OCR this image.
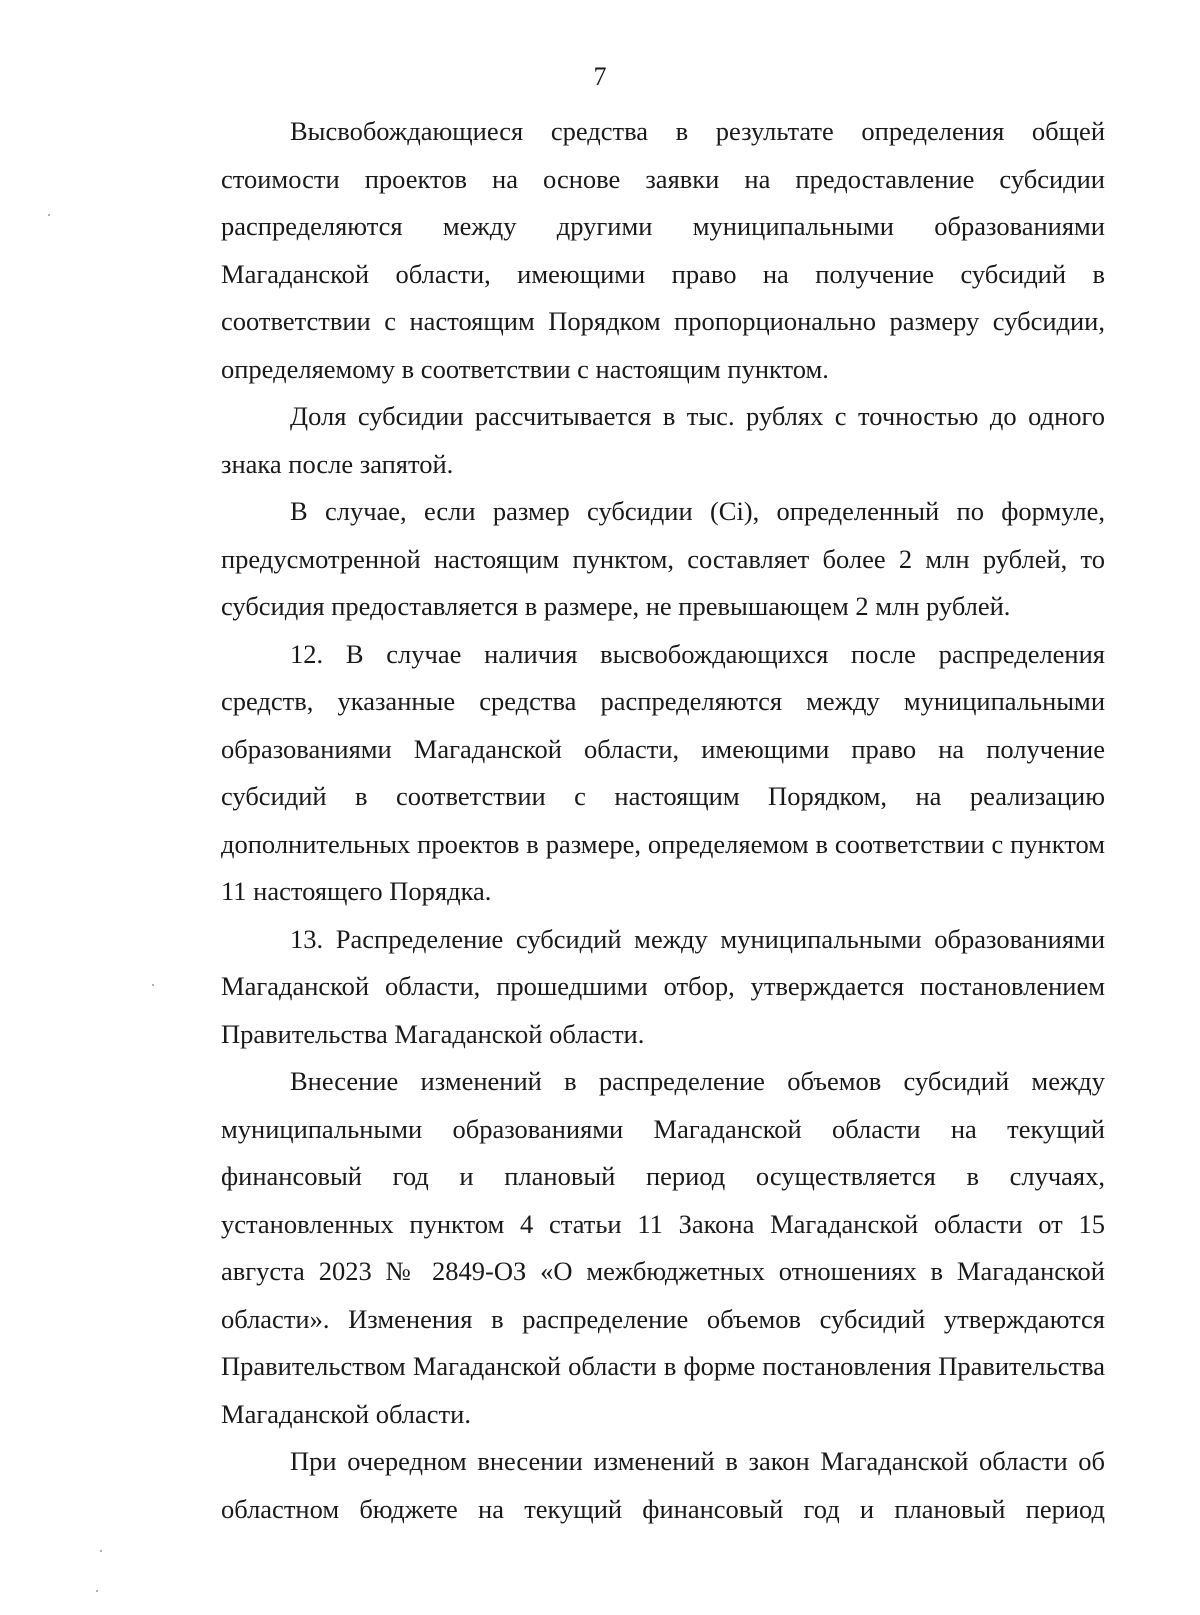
7

Высвобождающиеся средства в результате определения общей стоимости проектов на основе заявки на предоставление субсидии распределяются между другими муниципальными образованиями Магаданской области, имеющими право на получение субсидий в соответствии с настоящим Порядком пропорционально размеру субсидии, определяемому в соответствии с настоящим пунктом.

Доля субсидии рассчитывается в тыс. рублях с точностью до одного знака после запятой.

В случае, если размер субсидии (Ci), определенный по формуле, предусмотренной настоящим пунктом, составляет более 2 млн рублей, то субсидия предоставляется в размере, не превышающем 2 млн рублей.

12. В случае наличия высвобождающихся после распределения средств, указанные средства распределяются между муниципальными образованиями Магаданской области, имеющими право на получение субсидий в соответствии с настоящим Порядком, на реализацию дополнительных проектов в размере, определяемом в соответствии с пунктом 11 настоящего Порядка.

13. Распределение субсидий между муниципальными образованиями Магаданской области, прошедшими отбор, утверждается постановлением Правительства Магаданской области.

Внесение изменений в распределение объемов субсидий между муниципальными образованиями Магаданской области на текущий финансовый год и плановый период осуществляется в случаях, установленных пунктом 4 статьи 11 Закона Магаданской области от 15 августа 2023 № 2849-ОЗ «О межбюджетных отношениях в Магаданской области». Изменения в распределение объемов субсидий утверждаются Правительством Магаданской области в форме постановления Правительства Магаданской области.

При очередном внесении изменений в закон Магаданской области об областном бюджете на текущий финансовый год и плановый период
